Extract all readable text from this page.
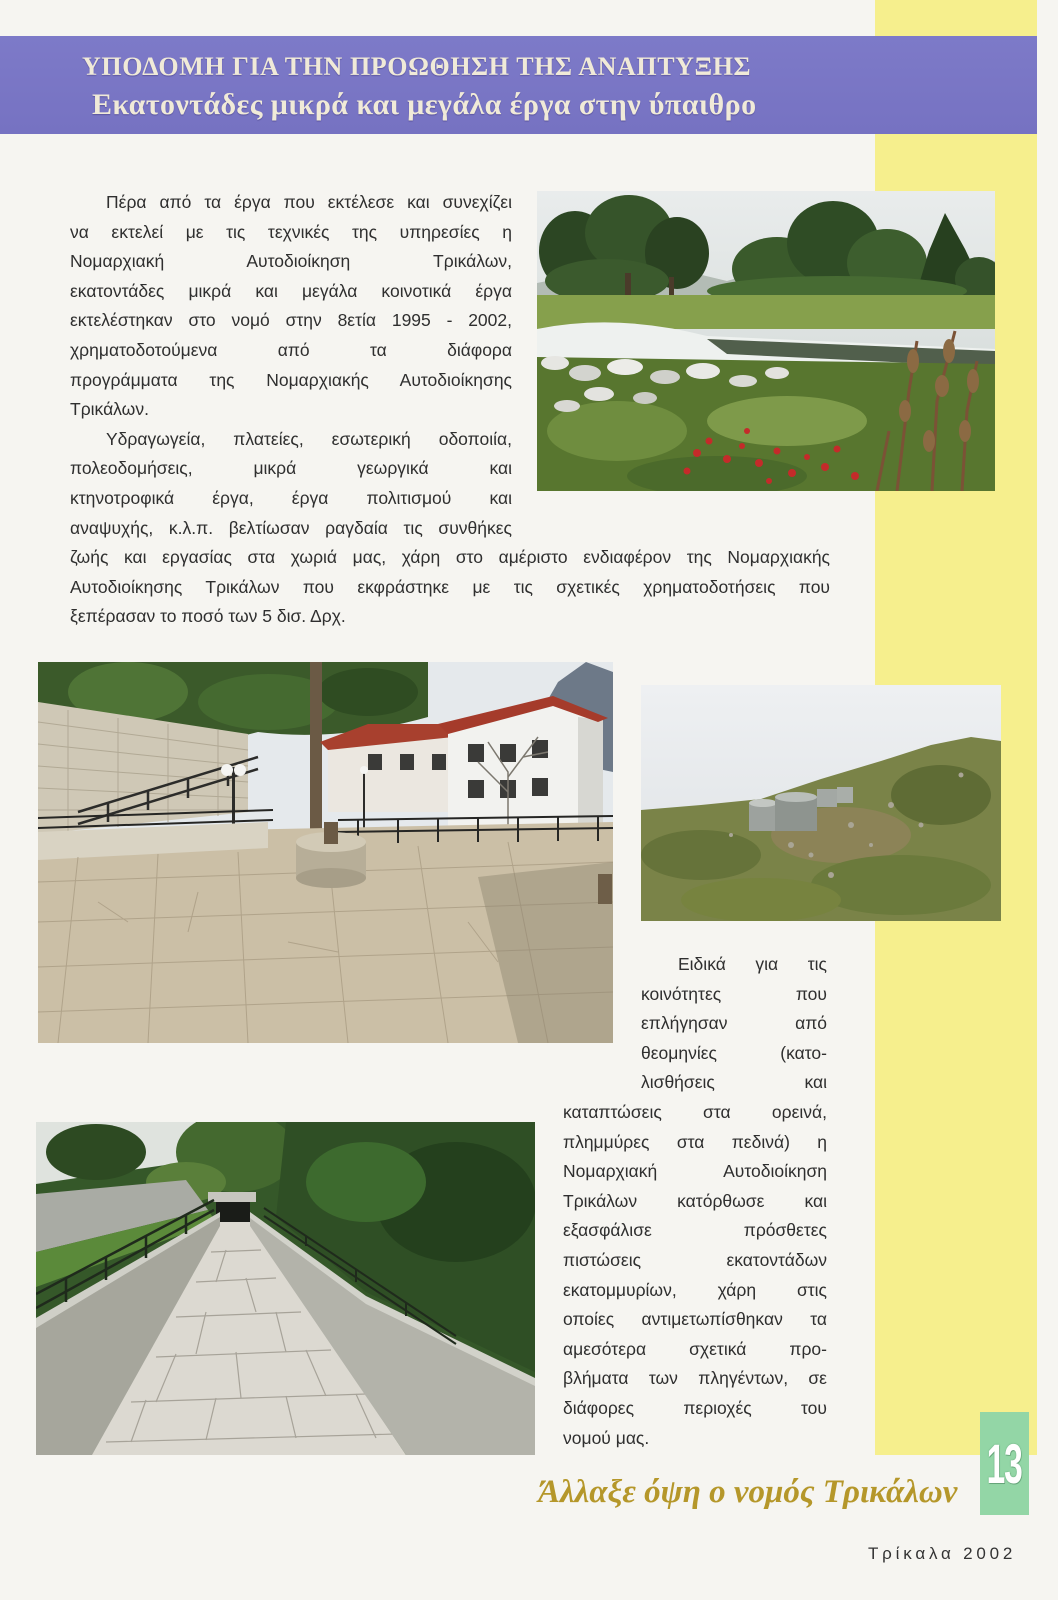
ΥΠΟΔΟΜΗ ΓΙΑ ΤΗΝ ΠΡΟΩΘΗΣΗ ΤΗΣ ΑΝΑΠΤΥΞΗΣ
Εκατοντάδες μικρά και μεγάλα έργα στην ύπαιθρο
Πέρα από τα έργα που εκτέλεσε και συνεχίζει
να εκτελεί με τις τεχνικές της υπηρεσίες η
Νομαρχιακή Αυτοδιοίκηση Τρικάλων,
εκατοντάδες μικρά και μεγάλα κοινοτικά έργα
εκτελέστηκαν στο νομό στην 8ετία 1995 - 2002,
χρηματοδοτούμενα από τα διάφορα
προγράμματα της Νομαρχιακής Αυτοδιοίκησης
Τρικάλων.
Υδραγωγεία, πλατείες, εσωτερική οδοποιία,
πολεοδομήσεις, μικρά γεωργικά και
κτηνοτροφικά έργα, έργα πολιτισμού και
αναψυχής, κ.λ.π. βελτίωσαν ραγδαία τις συνθήκες
ζωής και εργασίας στα χωριά μας, χάρη στο αμέριστο ενδιαφέρον της Νομαρχιακής
Αυτοδιοίκησης Τρικάλων που εκφράστηκε με τις σχετικές χρηματοδοτήσεις που
ξεπέρασαν το ποσό των 5 δισ. Δρχ.
Ειδικά για τις
κοινότητες που
επλήγησαν από
θεομηνίες (κατο-
λισθήσεις και
καταπτώσεις στα ορεινά,
πλημμύρες στα πεδινά) η
Νομαρχιακή Αυτοδιοίκηση
Τρικάλων κατόρθωσε και
εξασφάλισε πρόσθετες
πιστώσεις εκατοντάδων
εκατομμυρίων, χάρη στις
οποίες αντιμετωπίσθηκαν τα
αμεσότερα σχετικά προ-
βλήματα των πληγέντων, σε
διάφορες περιοχές του
νομού μας.
Άλλαξε όψη ο νομός Τρικάλων 13
Τρίκαλα 2002
